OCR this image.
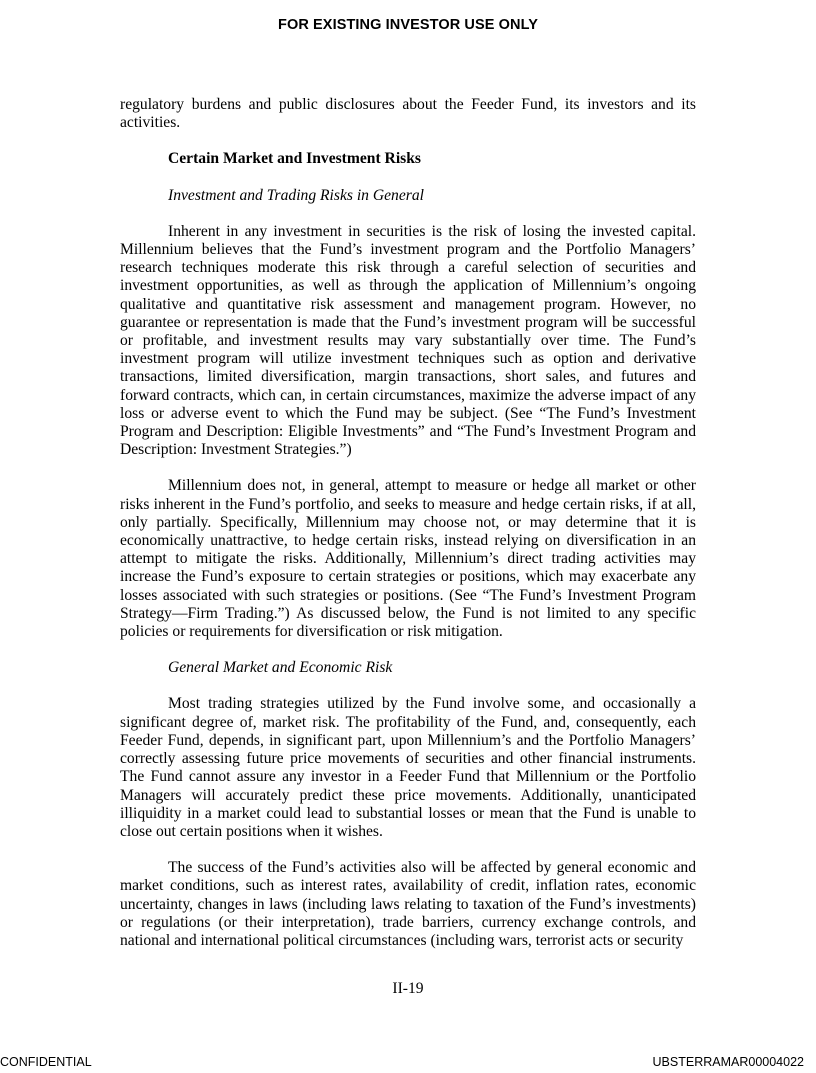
FOR EXISTING INVESTOR USE ONLY

regulatory burdens and public disclosures about the Feeder Fund, its investors and its activities.

Certain Market and Investment Risks
Investment and Trading Risks in General

Inherent in any investment in securities is the risk of losing the invested capital. Millennium believes that the Fund’s investment program and the Portfolio Managers’ research techniques moderate this risk through a careful selection of securities and investment opportunities, as well as through the application of Millennium’s ongoing qualitative and quantitative risk assessment and management program. However, no guarantee or representation is made that the Fund’s investment program will be successful or profitable, and investment results may vary substantially over time. The Fund’s investment program will utilize investment techniques such as option and derivative transactions, limited diversification, margin transactions, short sales, and futures and forward contracts, which can, in certain circumstances, maximize the adverse impact of any loss or adverse event to which the Fund may be subject. (See “The Fund’s Investment Program and Description: Eligible Investments” and “The Fund’s Investment Program and Description: Investment Strategies.”)

Millennium does not, in general, attempt to measure or hedge all market or other risks inherent in the Fund’s portfolio, and seeks to measure and hedge certain risks, if at all, only partially. Specifically, Millennium may choose not, or may determine that it is economically unattractive, to hedge certain risks, instead relying on diversification in an attempt to mitigate the risks. Additionally, Millennium’s direct trading activities may increase the Fund’s exposure to certain strategies or positions, which may exacerbate any losses associated with such strategies or positions. (See “The Fund’s Investment Program Strategy—Firm Trading.”) As discussed below, the Fund is not limited to any specific policies or requirements for diversification or risk mitigation.

General Market and Economic Risk

Most trading strategies utilized by the Fund involve some, and occasionally a significant degree of, market risk. The profitability of the Fund, and, consequently, each Feeder Fund, depends, in significant part, upon Millennium’s and the Portfolio Managers’ correctly assessing future price movements of securities and other financial instruments. The Fund cannot assure any investor in a Feeder Fund that Millennium or the Portfolio Managers will accurately predict these price movements. Additionally, unanticipated illiquidity in a market could lead to substantial losses or mean that the Fund is unable to close out certain positions when it wishes.

The success of the Fund’s activities also will be affected by general economic and market conditions, such as interest rates, availability of credit, inflation rates, economic uncertainty, changes in laws (including laws relating to taxation of the Fund’s investments) or regulations (or their interpretation), trade barriers, currency exchange controls, and national and international political circumstances (including wars, terrorist acts or security

II-19
CONFIDENTIAL	UBSTERRAMAR00004022
